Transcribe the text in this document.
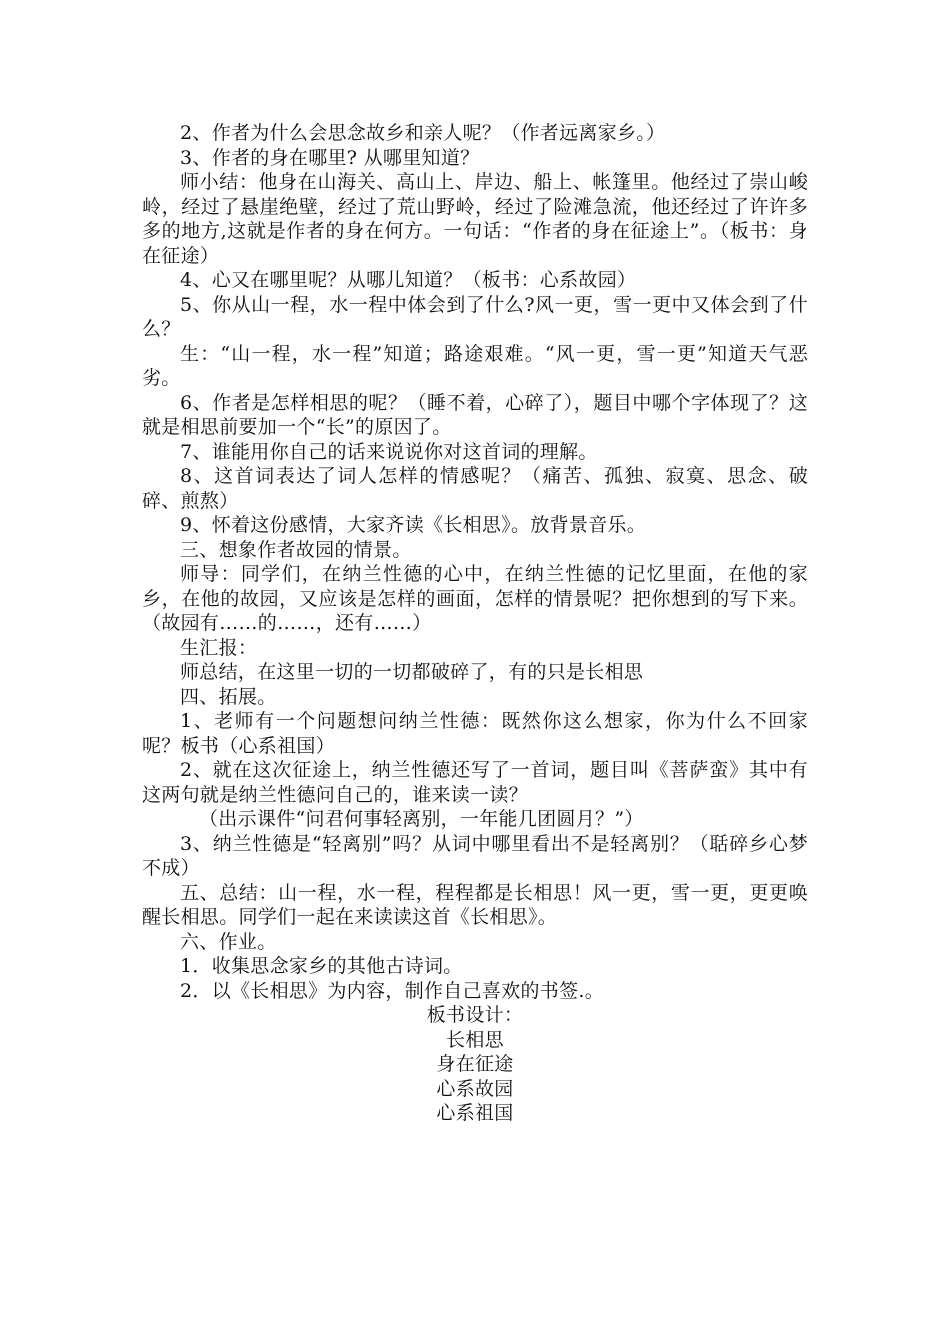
2、作者为什么会思念故乡和亲人呢？（作者远离家乡。）

3、作者的身在哪里? 从哪里知道？

师小结：他身在山海关、高山上、岸边、船上、帐篷里。他经过了崇山峻岭，经过了悬崖绝壁，经过了荒山野岭，经过了险滩急流，他还经过了许许多多的地方,这就是作者的身在何方。一句话：“作者的身在征途上”。（板书：身在征途）

4、心又在哪里呢？从哪儿知道？（板书：心系故园）

5、你从山一程，水一程中体会到了什么?风一更，雪一更中又体会到了什么？

生：“山一程，水一程”知道；路途艰难。“风一更，雪一更”知道天气恶劣。

6、作者是怎样相思的呢？（睡不着，心碎了），题目中哪个字体现了？这就是相思前要加一个“长”的原因了。

7、谁能用你自己的话来说说你对这首词的理解。

8、这首词表达了词人怎样的情感呢？（痛苦、孤独、寂寞、思念、破碎、煎熬）

9、怀着这份感情，大家齐读《长相思》。放背景音乐。

三、想象作者故园的情景。

师导：同学们，在纳兰性德的心中，在纳兰性德的记忆里面，在他的家乡，在他的故园，又应该是怎样的画面，怎样的情景呢？把你想到的写下来。（故园有……的……，还有……）

生汇报：

师总结，在这里一切的一切都破碎了，有的只是长相思

四、拓展。

1、老师有一个问题想问纳兰性德：既然你这么想家，你为什么不回家呢？板书（心系祖国）

2、就在这次征途上，纳兰性德还写了一首词，题目叫《菩萨蛮》其中有这两句就是纳兰性德问自己的，谁来读一读？

（出示课件“问君何事轻离别，一年能几团圆月？”）

3、纳兰性德是“轻离别”吗？从词中哪里看出不是轻离别？（聒碎乡心梦不成）

五、总结：山一程，水一程，程程都是长相思！风一更，雪一更，更更唤醒长相思。同学们一起在来读读这首《长相思》。

六、作业。

1．收集思念家乡的其他古诗词。

2．以《长相思》为内容，制作自己喜欢的书签.。

板书设计：

长相思

身在征途

心系故园

心系祖国
